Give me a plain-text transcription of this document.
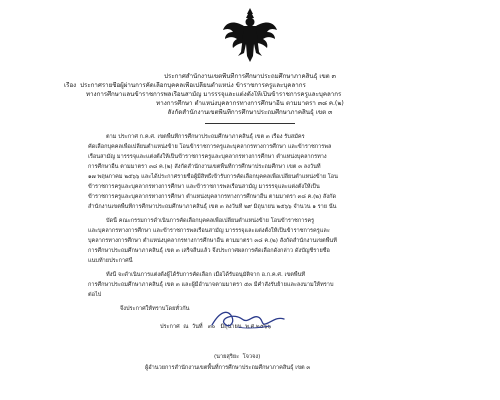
ประกาศสำนักงานเขตพื้นที่การศึกษาประถมศึกษาภาคสินธุ์ เขต ๓
เรื่อง  ประกาศรายชื่อผู้ผ่านการคัดเลือกบุคคลเพื่อเปลี่ยนตำแหน่ง ข้าราชการครูและบุคลากร
ทางการศึกษาแลนข้าราชการพลเรือนสามัญ มารรรจุและแต่งตั้งให้เป็นข้าราชการครูและบุคลากร
ทางการศึกษา ตำแหน่งบุคลากรทางการศึกษาอื่น ตามมาตรา ๓๘ ค.(๒)
สังกัดสำนักงานเขตพื้นที่การศึกษาประถมศึกษาภาคสินธุ์ เขต ๓
ตาม ประกาศ ก.ค.ศ. เขตพื้นที่การศึกษาประถมศึกษาภาคสินธุ์ เขต ๓ เรื่อง รับสมัคร
คัดเลือกบุคคลเพื่อเปลี่ยนตำแหน่งข้าย โอนข้าราชการครูและบุคลากรทางการศึกษา และข้าราชการพล
เรือนสามัญ มารรรจุและแต่งตั้งให้เป็นข้าราชการครูและบุคลากรทางการศึกษา ตำแหน่งบุคลากรทาง
การศึกษาอื่น ตามมาตรา ๓๘ ค.(๒) สังกัดสำนักงานเขตพื้นที่การศึกษาประถมศึกษา เขต ๓ ลงวันที่
๑๗ พฤษภาคม ๒๕๖๖ และได้ประกาศรายชื่อผู้มีสิทธิ์เข้ารับการคัดเลือกบุคคลเพื่อเปลี่ยนตำแหน่งข้าย โอน
ข้าราชการครูและบุคลากรทางการศึกษา และข้าราชการพลเรือนสามัญ มารรรจุและแต่งตั้งให้เป็น
ข้าราชการครูและบุคลากรทางการศึกษา ตำแหน่งบุคลากรทางการศึกษาอื่น ตามมาตรา ๓๘ ค.(๒) สังกัด
สำนักงานเขตพื้นที่การศึกษาประถมศึกษาภาคสินธุ์ เขต ๓ ลงวันที่ ๒๙ มิถุนายน ๒๕๖๖ จำนวน ๑ ราย นั้น
บัดนี้ คณะกรรมการดำเนินการคัดเลือกบุคคลเพื่อเปลี่ยนตำแหน่งข้าย โอนข้าราชการครู
และบุคลากรทางการศึกษา และข้าราชการพลเรือนสามัญ มารรรจุและแต่งตั้งให้เป็นข้าราชการครูและ
บุคลากรทางการศึกษา ตำแหน่งบุคลากรทางการศึกษาอื่น ตามมาตรา ๓๘ ค.(๒) สังกัดสำนักงานเขตพื้นที่
การศึกษาประถมศึกษาภาคสินธุ์ เขต ๓ เสร็จสิ้นแล้ว จึงประกาศผลการคัดเลือกดังกล่าว ดังบัญชีรายชื่อ
แนบท้ายประกาศนี้
ทั้งนี้ จะดำเนินการแต่งตั้งผู้ได้รับการคัดเลือก เมื่อได้รับอนุมัติจาก อ.ก.ค.ศ. เขตพื้นที่
การศึกษาประถมศึกษาภาคสินธุ์ เขต ๓ และผู้มีอำนาจตามมาตรา ๕๓ มีคำสั่งรับย้ายและลงนามให้ทราบ
ต่อไป
จึงประกาศให้ทราบโดยทั่วกัน
ประกาศ  ณ  วันที่   ๓๐   มิถุนายน  พ.ศ.๒๕๖๖
(นายสุริยะ  โจวจง)
ผู้อำนวยการสำนักงานเขตพื้นที่การศึกษาประถมศึกษาภาคสินธุ์ เขต ๓
